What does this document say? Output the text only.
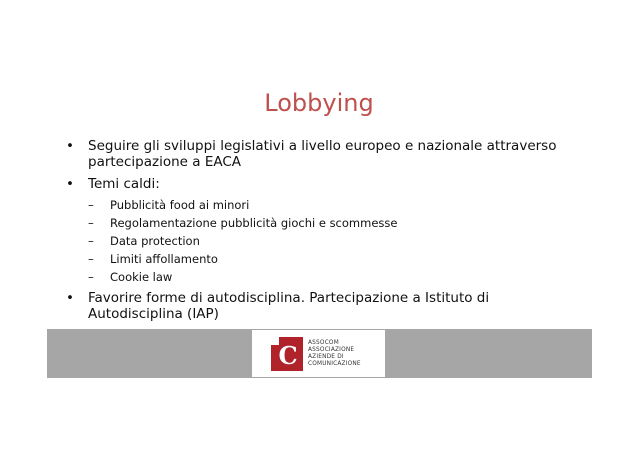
Lobbying
• Seguire gli sviluppi legislativi a livello europeo e nazionale attraverso partecipazione a EACA
• Temi caldi:
– Pubblicità food ai minori
– Regolamentazione pubblicità giochi e scommesse
– Data protection
– Limiti affollamento
– Cookie law
• Favorire forme di autodisciplina. Partecipazione a Istituto di Autodisciplina (IAP)
C ASSOCOM
ASSOCIAZIONE
AZIENDE DI
COMUNICAZIONE
